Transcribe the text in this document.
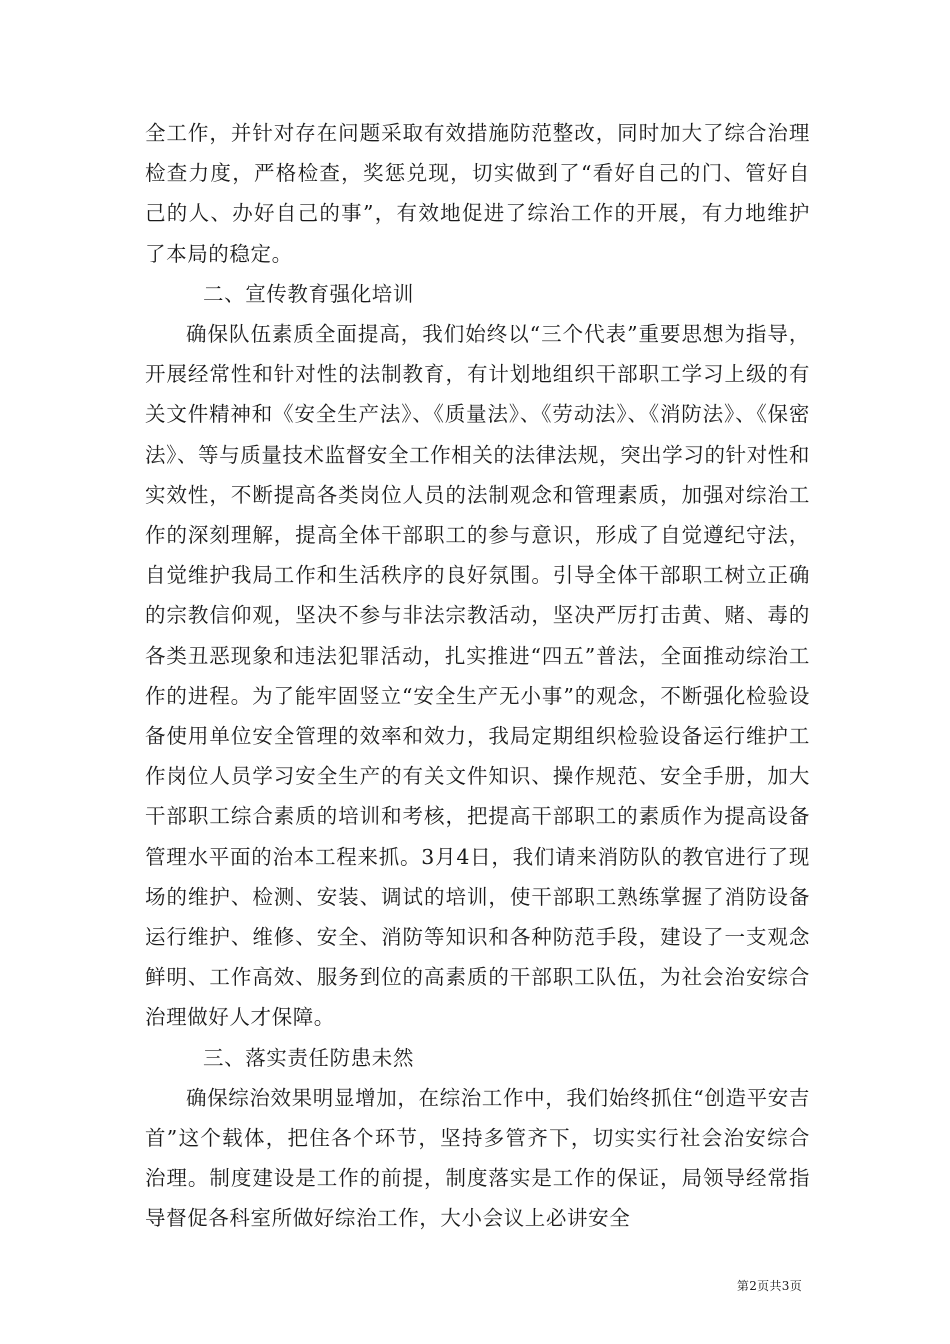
全工作，并针对存在问题采取有效措施防范整改，同时加大了综合治理检查力度，严格检查，奖惩兑现，切实做到了“看好自己的门、管好自己的人、办好自己的事”，有效地促进了综治工作的开展，有力地维护了本局的稳定。

二、宣传教育强化培训

确保队伍素质全面提高，我们始终以“三个代表”重要思想为指导，开展经常性和针对性的法制教育，有计划地组织干部职工学习上级的有关文件精神和《安全生产法》、《质量法》、《劳动法》、《消防法》、《保密法》、等与质量技术监督安全工作相关的法律法规，突出学习的针对性和实效性，不断提高各类岗位人员的法制观念和管理素质，加强对综治工作的深刻理解，提高全体干部职工的参与意识，形成了自觉遵纪守法，自觉维护我局工作和生活秩序的良好氛围。引导全体干部职工树立正确的宗教信仰观，坚决不参与非法宗教活动，坚决严厉打击黄、赌、毒的各类丑恶现象和违法犯罪活动，扎实推进“四五”普法，全面推动综治工作的进程。为了能牢固竖立“安全生产无小事”的观念，不断强化检验设备使用单位安全管理的效率和效力，我局定期组织检验设备运行维护工作岗位人员学习安全生产的有关文件知识、操作规范、安全手册，加大干部职工综合素质的培训和考核，把提高干部职工的素质作为提高设备管理水平面的治本工程来抓。3月4日，我们请来消防队的教官进行了现场的维护、检测、安装、调试的培训，使干部职工熟练掌握了消防设备运行维护、维修、安全、消防等知识和各种防范手段，建设了一支观念鲜明、工作高效、服务到位的高素质的干部职工队伍，为社会治安综合治理做好人才保障。

三、落实责任防患未然

确保综治效果明显增加，在综治工作中，我们始终抓住“创造平安吉首”这个载体，把住各个环节，坚持多管齐下，切实实行社会治安综合治理。制度建设是工作的前提，制度落实是工作的保证，局领导经常指导督促各科室所做好综治工作，大小会议上必讲安全

第2页共3页
